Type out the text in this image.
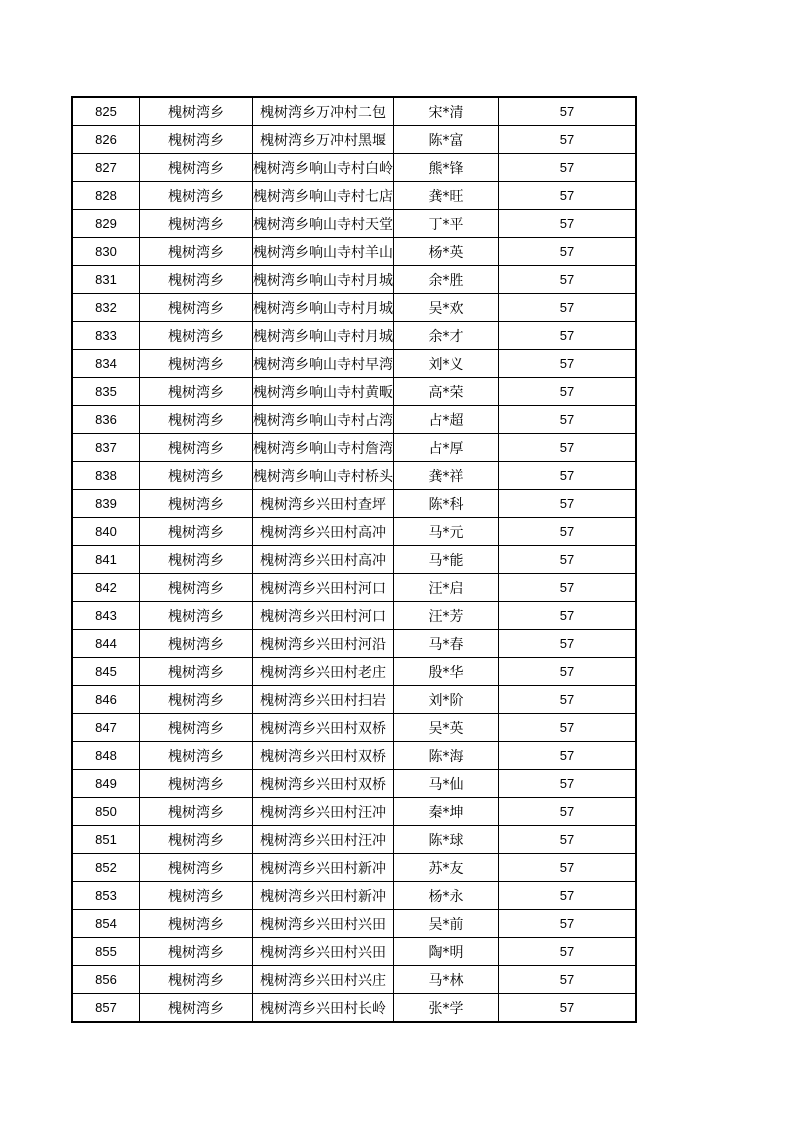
825	槐树湾乡	槐树湾乡万冲村二包	宋*清	57
826	槐树湾乡	槐树湾乡万冲村黑堰	陈*富	57
827	槐树湾乡	槐树湾乡响山寺村白岭	熊*锋	57
828	槐树湾乡	槐树湾乡响山寺村七店	龚*旺	57
829	槐树湾乡	槐树湾乡响山寺村天堂	丁*平	57
830	槐树湾乡	槐树湾乡响山寺村羊山	杨*英	57
831	槐树湾乡	槐树湾乡响山寺村月城	余*胜	57
832	槐树湾乡	槐树湾乡响山寺村月城	吴*欢	57
833	槐树湾乡	槐树湾乡响山寺村月城	余*才	57
834	槐树湾乡	槐树湾乡响山寺村早湾	刘*义	57
835	槐树湾乡	槐树湾乡响山寺村黄畈	高*荣	57
836	槐树湾乡	槐树湾乡响山寺村占湾	占*超	57
837	槐树湾乡	槐树湾乡响山寺村詹湾	占*厚	57
838	槐树湾乡	槐树湾乡响山寺村桥头	龚*祥	57
839	槐树湾乡	槐树湾乡兴田村查坪	陈*科	57
840	槐树湾乡	槐树湾乡兴田村高冲	马*元	57
841	槐树湾乡	槐树湾乡兴田村高冲	马*能	57
842	槐树湾乡	槐树湾乡兴田村河口	汪*启	57
843	槐树湾乡	槐树湾乡兴田村河口	汪*芳	57
844	槐树湾乡	槐树湾乡兴田村河沿	马*春	57
845	槐树湾乡	槐树湾乡兴田村老庄	殷*华	57
846	槐树湾乡	槐树湾乡兴田村扫岩	刘*阶	57
847	槐树湾乡	槐树湾乡兴田村双桥	吴*英	57
848	槐树湾乡	槐树湾乡兴田村双桥	陈*海	57
849	槐树湾乡	槐树湾乡兴田村双桥	马*仙	57
850	槐树湾乡	槐树湾乡兴田村汪冲	秦*坤	57
851	槐树湾乡	槐树湾乡兴田村汪冲	陈*球	57
852	槐树湾乡	槐树湾乡兴田村新冲	苏*友	57
853	槐树湾乡	槐树湾乡兴田村新冲	杨*永	57
854	槐树湾乡	槐树湾乡兴田村兴田	吴*前	57
855	槐树湾乡	槐树湾乡兴田村兴田	陶*明	57
856	槐树湾乡	槐树湾乡兴田村兴庄	马*林	57
857	槐树湾乡	槐树湾乡兴田村长岭	张*学	57
